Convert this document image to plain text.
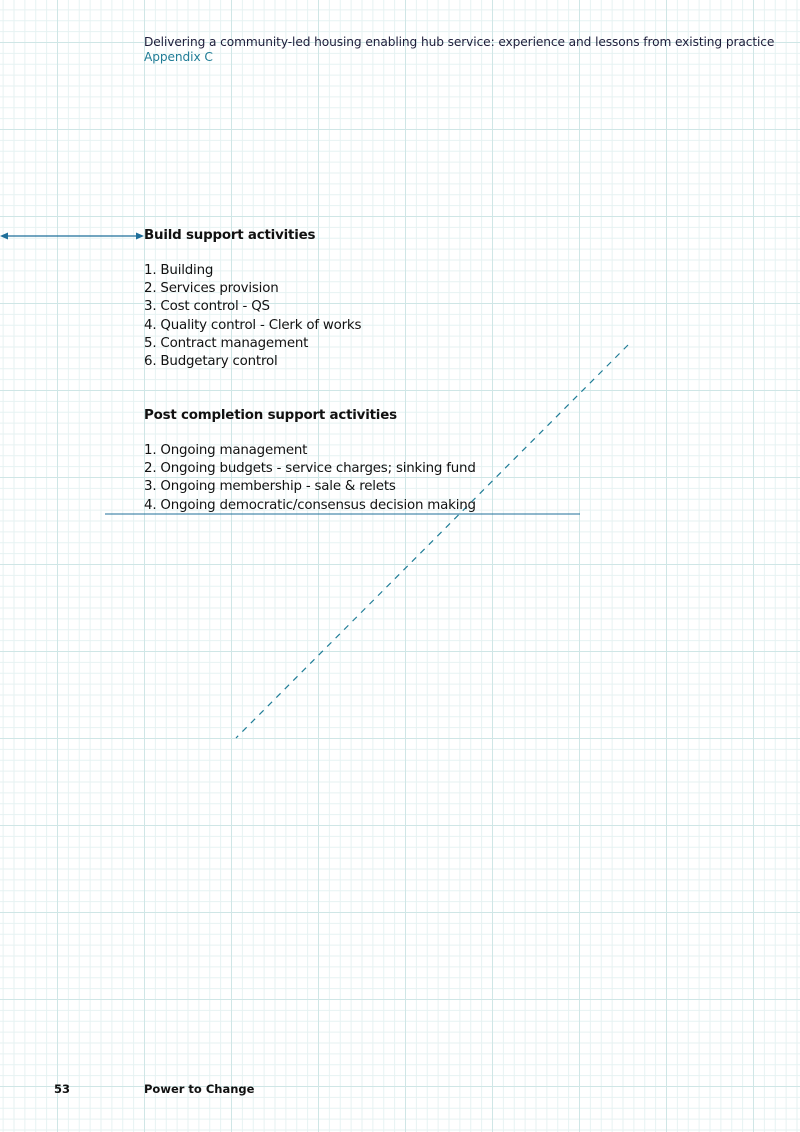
Delivering a community-led housing enabling hub service: experience and lessons from existing practice
Appendix C
Build support activities
1. Building
2. Services provision
3. Cost control - QS
4. Quality control - Clerk of works
5. Contract management
6. Budgetary control
Post completion support activities
1. Ongoing management
2. Ongoing budgets - service charges; sinking fund
3. Ongoing membership - sale & relets
4. Ongoing democratic/consensus decision making
53	Power to Change
